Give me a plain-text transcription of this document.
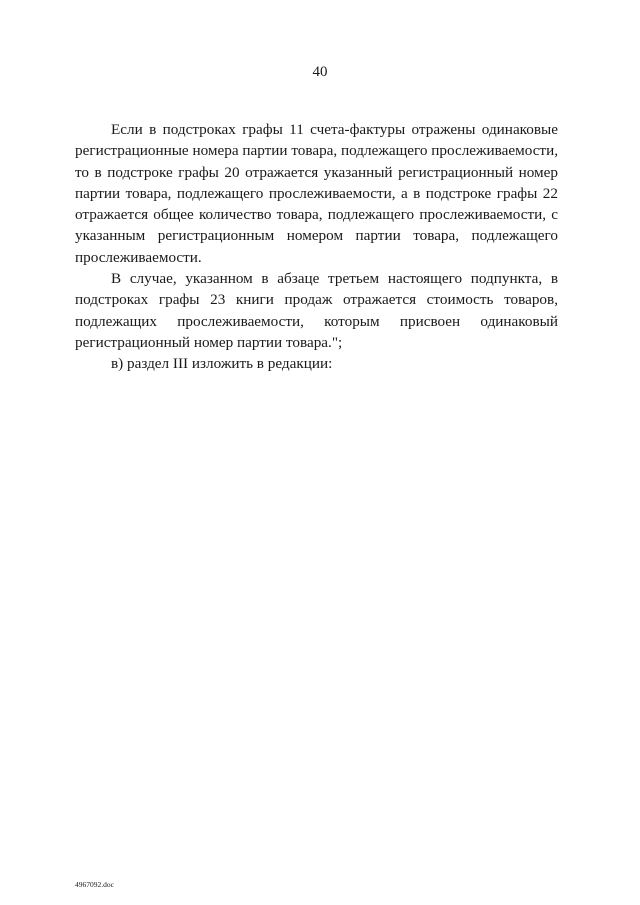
40

Если в подстроках графы 11 счета-фактуры отражены одинаковые регистрационные номера партии товара, подлежащего прослеживаемости, то в подстроке графы 20 отражается указанный регистрационный номер партии товара, подлежащего прослеживаемости, а в подстроке графы 22 отражается общее количество товара, подлежащего прослеживаемости, с указанным регистрационным номером партии товара, подлежащего прослеживаемости.

В случае, указанном в абзаце третьем настоящего подпункта, в подстроках графы 23 книги продаж отражается стоимость товаров, подлежащих прослеживаемости, которым присвоен одинаковый регистрационный номер партии товара.";

в) раздел III изложить в редакции:

4967092.doc
